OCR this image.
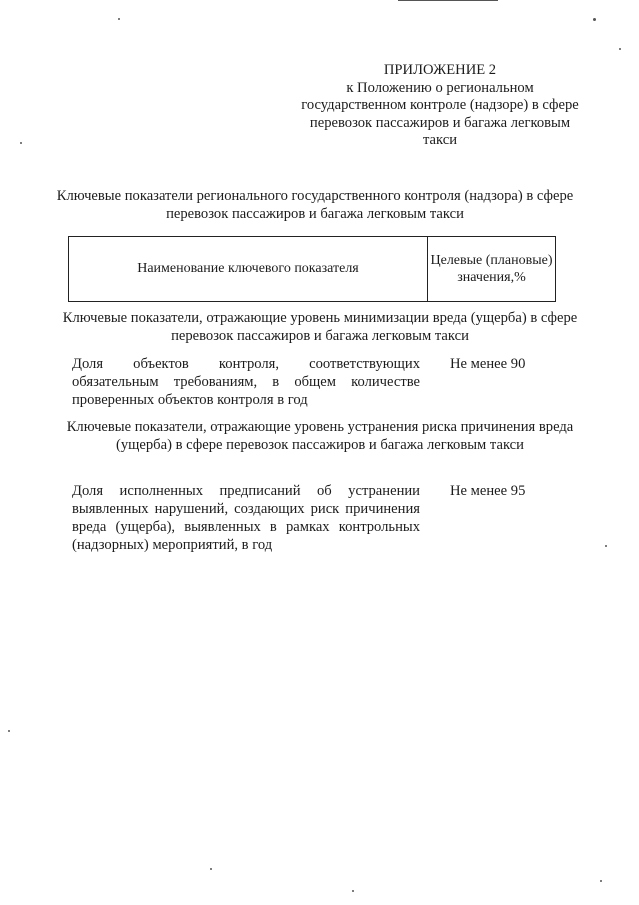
ПРИЛОЖЕНИЕ 2
к Положению о региональном государственном контроле (надзоре) в сфере перевозок пассажиров и багажа легковым такси
Ключевые показатели регионального государственного контроля (надзора) в сфере перевозок пассажиров и багажа легковым такси
Наименование ключевого показателя
Целевые (плановые) значения,%
Ключевые показатели, отражающие уровень минимизации вреда (ущерба) в сфере перевозок пассажиров и багажа легковым такси
Доля объектов контроля, соответствующих обязательным требованиям, в общем количестве проверенных объектов контроля в год
Не менее 90
Ключевые показатели, отражающие уровень устранения риска причинения вреда (ущерба) в сфере перевозок пассажиров и багажа легковым такси
Доля исполненных предписаний об устранении выявленных нарушений, создающих риск причинения вреда (ущерба), выявленных в рамках контрольных (надзорных) мероприятий, в год
Не менее 95
